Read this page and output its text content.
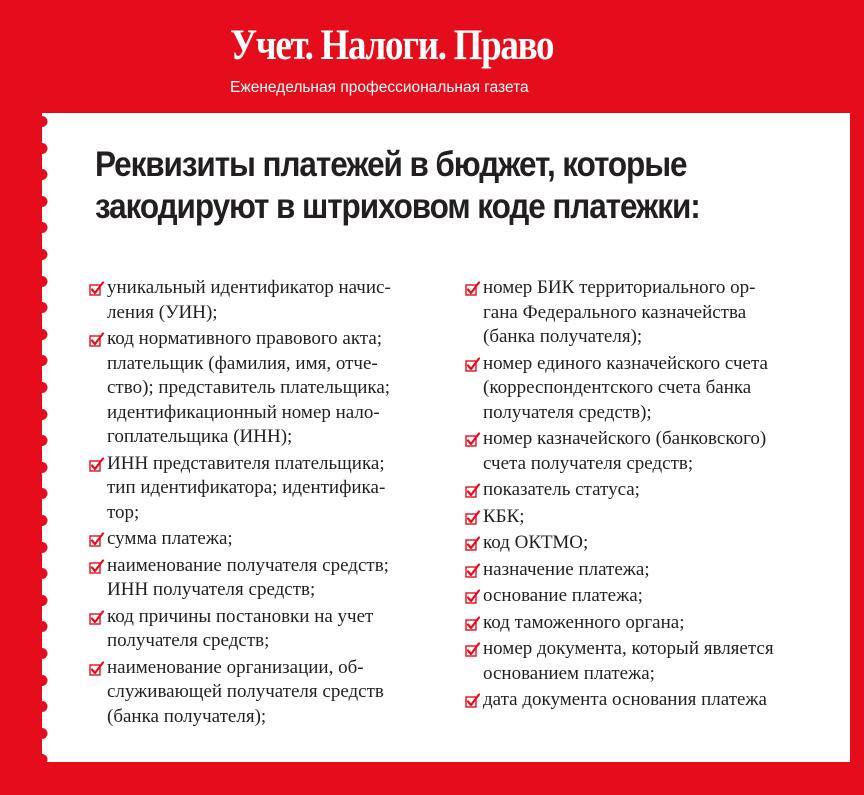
Учет. Налоги. Право
Еженедельная профессиональная газета
Реквизиты платежей в бюджет, которые закодируют в штриховом коде платежки:
уникальный идентификатор начис-
ления (УИН);
код нормативного правового акта;
плательщик (фамилия, имя, отче-
ство); представитель плательщика;
идентификационный номер нало-
гоплательщика (ИНН);
ИНН представителя плательщика;
тип идентификатора; идентифика-
тор;
сумма платежа;
наименование получателя средств;
ИНН получателя средств;
код причины постановки на учет
получателя средств;
наименование организации, об-
служивающей получателя средств
(банка получателя);
номер БИК территориального ор-
гана Федерального казначейства
(банка получателя);
номер единого казначейского счета
(корреспондентского счета банка
получателя средств);
номер казначейского (банковского)
счета получателя средств;
показатель статуса;
КБК;
код ОКТМО;
назначение платежа;
основание платежа;
код таможенного органа;
номер документа, который является
основанием платежа;
дата документа основания платежа
